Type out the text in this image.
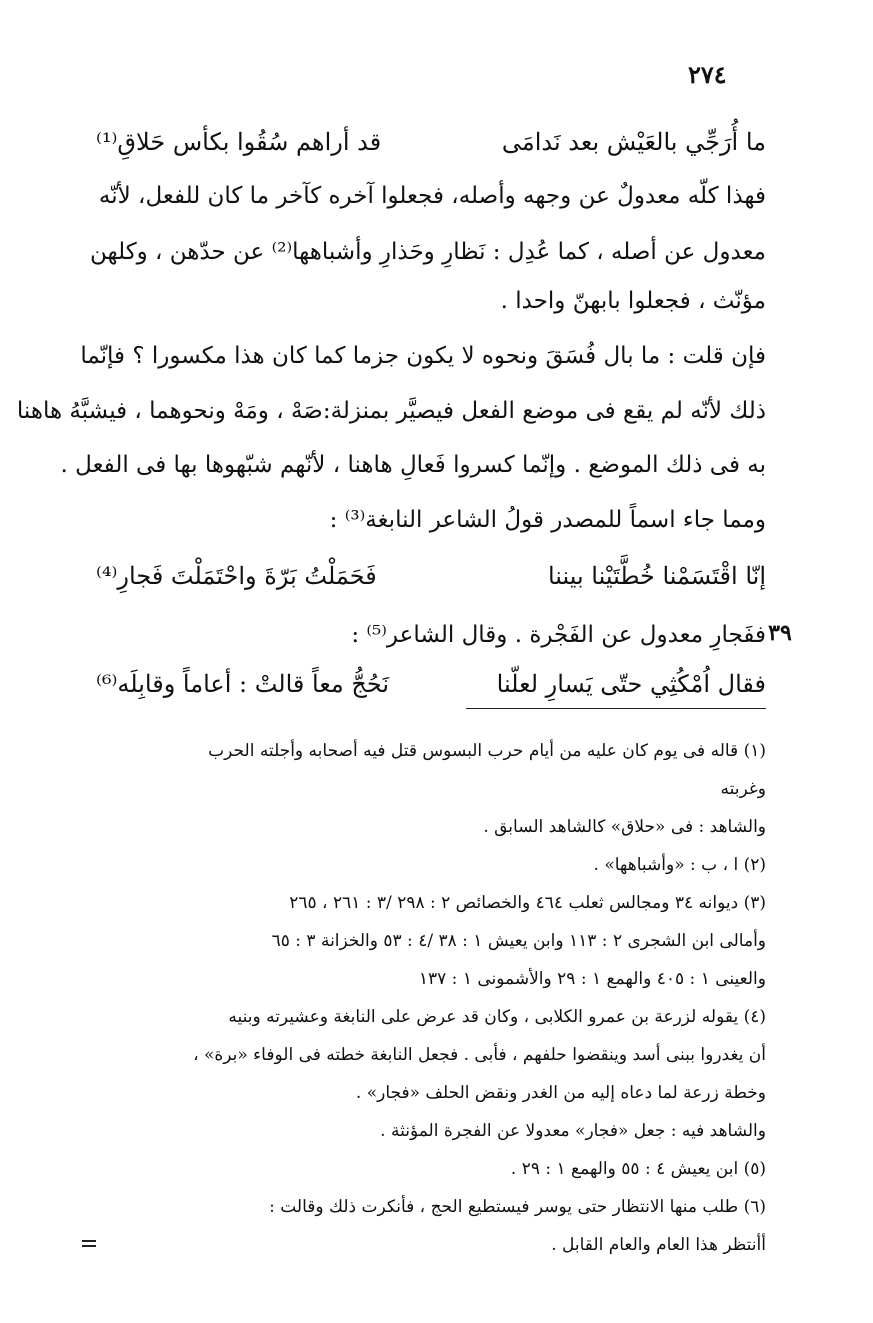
٢٧٤
ما أُرَجِّي بالعَيْش بعد نَدامَى
قد أراهم سُقُوا بكأس حَلاقِ⁽¹⁾
فهذا كلّه معدولٌ عن وجهه وأصله، فجعلوا آخره كآخر ما كان للفعل، لأنّه
معدول عن أصله ، كما عُدِل : نَظارِ وحَذارِ وأشباهها⁽²⁾ عن حدّهن ، وكلهن
مؤنّث ، فجعلوا بابهنّ واحدا .
فإن قلت : ما بال فُسَقَ ونحوه لا يكون جزما كما كان هذا مكسورا ؟ فإنّما
ذلك لأنّه لم يقع فى موضع الفعل فيصيَّر بمنزلة:صَهْ ، ومَهْ ونحوهما ، فيشبَّهُ هاهنا
به فى ذلك الموضع . وإنّما كسروا فَعالِ هاهنا ، لأنّهم شبّهوها بها فى الفعل .
ومما جاء اسماً للمصدر قولُ الشاعر النابغة⁽³⁾ :
إنّا اقْتَسَمْنا خُطَّتَيْنا بيننا
فَحَمَلْتُ بَرّةَ واحْتَمَلْتَ فَجارِ⁽⁴⁾
٣٩
ففَجارِ معدول عن الفَجْرة . وقال الشاعر⁽⁵⁾ :
فقال اُمْكُثِي حتّى يَسارِ لعلّنا
نَحُجُّ معاً قالتْ : أعاماً وقابِلَه⁽⁶⁾
(١) قاله فى يوم كان عليه من أيام حرب البسوس قتل فيه أصحابه وأجلته الحرب
وغربته
والشاهد : فى «حلاق» كالشاهد السابق .
(٢) ا ، ب : «وأشباهها» .
(٣) ديوانه ٣٤ ومجالس ثعلب ٤٦٤ والخصائص ٢ : ٢٩٨ /٣ : ٢٦١ ، ٢٦٥
وأمالى ابن الشجرى ٢ : ١١٣ وابن يعيش ١ : ٣٨ /٤ : ٥٣ والخزانة ٣ : ٦٥
والعينى ١ : ٤٠٥ والهمع ١ : ٢٩ والأشمونى ١ : ١٣٧
(٤) يقوله لزرعة بن عمرو الكلابى ، وكان قد عرض على النابغة وعشيرته وبنيه
أن يغدروا ببنى أسد وينقضوا حلفهم ، فأبى . فجعل النابغة خطته فى الوفاء «برة» ،
وخطة زرعة لما دعاه إليه من الغدر ونقض الحلف «فجار» .
والشاهد فيه : جعل «فجار» معدولا عن الفجرة المؤنثة .
(٥) ابن يعيش ٤ : ٥٥ والهمع ١ : ٢٩ .
(٦) طلب منها الانتظار حتى يوسر فيستطيع الحج ، فأنكرت ذلك وقالت :
أأنتظر هذا العام والعام القابل .
